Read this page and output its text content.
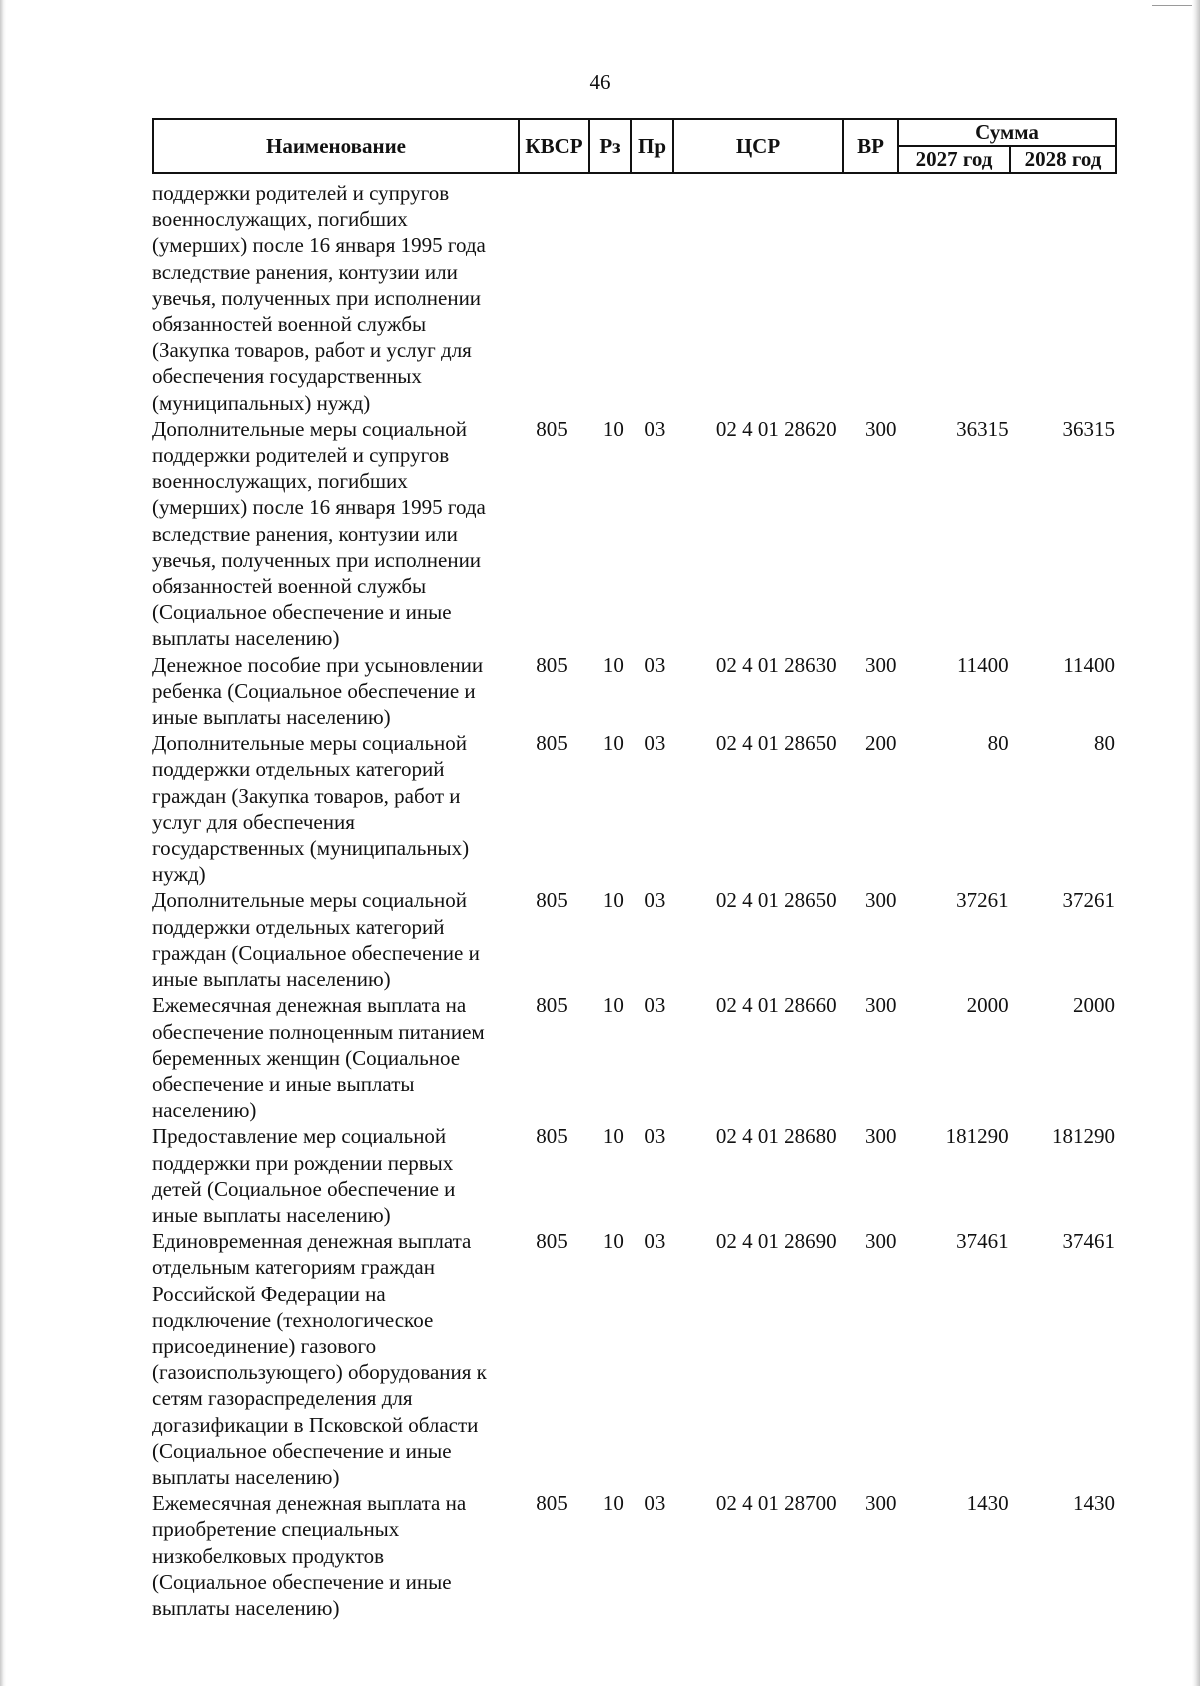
46
Наименование	КВСР	Рз	Пр	ЦСР	ВР	Сумма	
						2027 год	2028 год
поддержки родителей и супругов
военнослужащих, погибших
(умерших) после 16 января 1995 года
вследствие ранения, контузии или
увечья, полученных при исполнении
обязанностей военной службы
(Закупка товаров, работ и услуг для
обеспечения государственных
(муниципальных) нужд)
Дополнительные меры социальной
поддержки родителей и супругов
военнослужащих, погибших
(умерших) после 16 января 1995 года
вследствие ранения, контузии или
увечья, полученных при исполнении
обязанностей военной службы
(Социальное обеспечение и иные
выплаты населению)
805	10 03	02 4 01 28620	300	36315	36315
Денежное пособие при усыновлении
ребенка (Социальное обеспечение и
иные выплаты населению)
805	10 03	02 4 01 28630	300	11400	11400
Дополнительные меры социальной
поддержки отдельных категорий
граждан (Закупка товаров, работ и
услуг для обеспечения
государственных (муниципальных)
нужд)
805	10 03	02 4 01 28650	200	80	80
Дополнительные меры социальной
поддержки отдельных категорий
граждан (Социальное обеспечение и
иные выплаты населению)
805	10 03	02 4 01 28650	300	37261	37261
Ежемесячная денежная выплата на
обеспечение полноценным питанием
беременных женщин (Социальное
обеспечение и иные выплаты
населению)
805	10 03	02 4 01 28660	300	2000	2000
Предоставление мер социальной
поддержки при рождении первых
детей (Социальное обеспечение и
иные выплаты населению)
805	10 03	02 4 01 28680	300	181290	181290
Единовременная денежная выплата
отдельным категориям граждан
Российской Федерации на
подключение (технологическое
присоединение) газового
(газоиспользующего) оборудования к
сетям газораспределения для
догазификации в Псковской области
(Социальное обеспечение и иные
выплаты населению)
805	10 03	02 4 01 28690	300	37461	37461
Ежемесячная денежная выплата на
приобретение специальных
низкобелковых продуктов
(Социальное обеспечение и иные
выплаты населению)
805	10 03	02 4 01 28700	300	1430	1430
